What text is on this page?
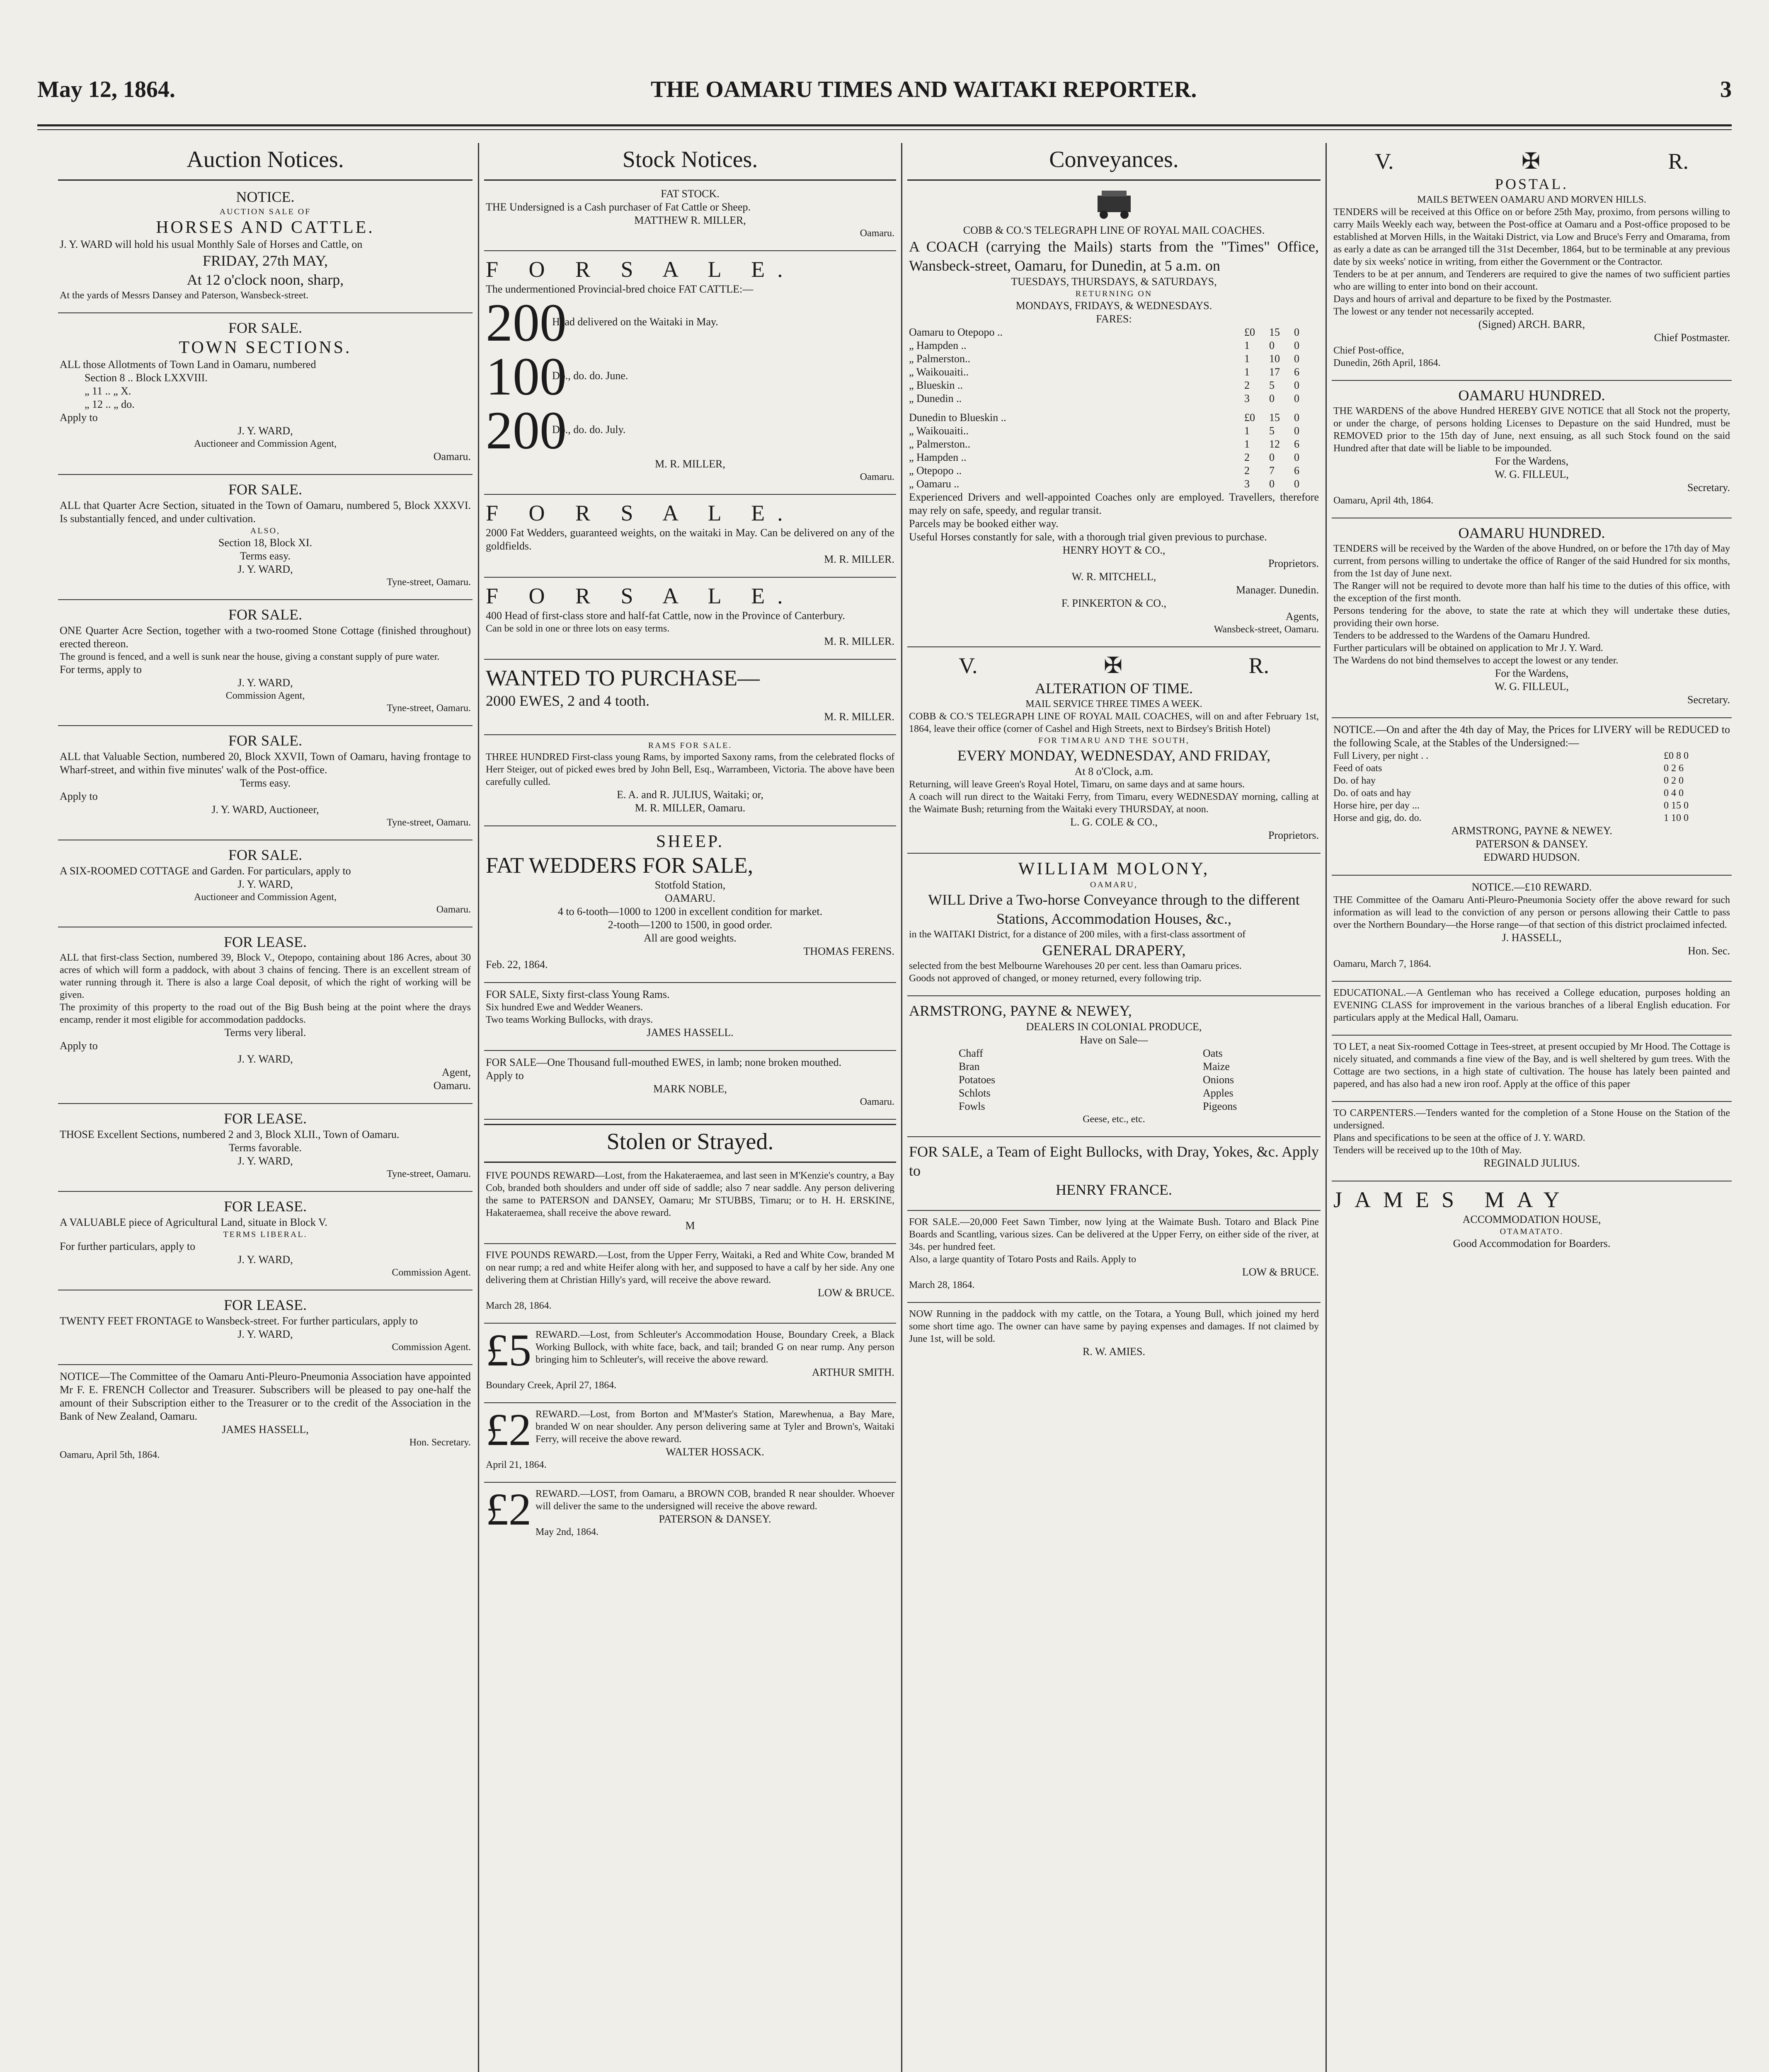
May 12, 1864.	THE OAMARU TIMES AND WAITAKI REPORTER.	3
Auction Notices.
NOTICE.
AUCTION SALE OF
HORSES AND CATTLE.
J. Y. WARD will hold his usual Monthly Sale of Horses and Cattle, on
FRIDAY, 27th MAY,
At 12 o'clock noon, sharp,
At the yards of Messrs Dansey and Paterson, Wansbeck-street.
FOR SALE.
TOWN SECTIONS.
ALL those Allotments of Town Land in Oamaru, numbered
Section 8 .. Block LXXVIII.
„ 11 .. „ X.
„ 12 .. „ do.
Apply to
J. Y. WARD,
Auctioneer and Commission Agent,
Oamaru.
FOR SALE.
ALL that Quarter Acre Section, situated in the Town of Oamaru, numbered 5, Block XXXVI. Is substantially fenced, and under cultivation.
ALSO,
Section 18, Block XI.
Terms easy.
J. Y. WARD,
Tyne-street, Oamaru.
FOR SALE.
ONE Quarter Acre Section, together with a two-roomed Stone Cottage (finished throughout) erected thereon.
The ground is fenced, and a well is sunk near the house, giving a constant supply of pure water.
For terms, apply to
J. Y. WARD,
Commission Agent,
Tyne-street, Oamaru.
FOR SALE.
ALL that Valuable Section, numbered 20, Block XXVII, Town of Oamaru, having frontage to Wharf-street, and within five minutes' walk of the Post-office.
Terms easy.
Apply to
J. Y. WARD, Auctioneer,
Tyne-street, Oamaru.
FOR SALE.
A SIX-ROOMED COTTAGE and Garden. For particulars, apply to
J. Y. WARD,
Auctioneer and Commission Agent,
Oamaru.
FOR LEASE.
ALL that first-class Section, numbered 39, Block V., Otepopo, containing about 186 Acres, about 30 acres of which will form a paddock, with about 3 chains of fencing. There is an excellent stream of water running through it. There is also a large Coal deposit, of which the right of working will be given.
The proximity of this property to the road out of the Big Bush being at the point where the drays encamp, render it most eligible for accommodation paddocks.
Terms very liberal.
Apply to
J. Y. WARD,
Agent,
Oamaru.
FOR LEASE.
THOSE Excellent Sections, numbered 2 and 3, Block XLII., Town of Oamaru.
Terms favorable.
J. Y. WARD,
Tyne-street, Oamaru.
FOR LEASE.
A VALUABLE piece of Agricultural Land, situate in Block V.
TERMS LIBERAL.
For further particulars, apply to
J. Y. WARD,
Commission Agent.
FOR LEASE.
TWENTY FEET FRONTAGE to Wansbeck-street. For further particulars, apply to
J. Y. WARD,
Commission Agent.
NOTICE—The Committee of the Oamaru Anti-Pleuro-Pneumonia Association have appointed Mr F. E. FRENCH Collector and Treasurer. Subscribers will be pleased to pay one-half the amount of their Subscription either to the Treasurer or to the credit of the Association in the Bank of New Zealand, Oamaru.
JAMES HASSELL,
Hon. Secretary.
Oamaru, April 5th, 1864.
Stock Notices.
FAT STOCK.
THE Undersigned is a Cash purchaser of Fat Cattle or Sheep.
MATTHEW R. MILLER,
Oamaru.
F O R S A L E.
The undermentioned Provincial-bred choice FAT CATTLE:—
200Head delivered on the Waitaki in May.
100Do., do. do. June.
200Do., do. do. July.
M. R. MILLER,
Oamaru.
F O R S A L E.
2000 Fat Wedders, guaranteed weights, on the waitaki in May. Can be delivered on any of the goldfields.
M. R. MILLER.
F O R S A L E.
400 Head of first-class store and half-fat Cattle, now in the Province of Canterbury.
Can be sold in one or three lots on easy terms.
M. R. MILLER.
WANTED TO PURCHASE—
2000 EWES, 2 and 4 tooth.
M. R. MILLER.
RAMS FOR SALE.
THREE HUNDRED First-class young Rams, by imported Saxony rams, from the celebrated flocks of Herr Steiger, out of picked ewes bred by John Bell, Esq., Warrambeen, Victoria. The above have been carefully culled.
E. A. and R. JULIUS, Waitaki; or,
M. R. MILLER, Oamaru.
SHEEP.
FAT WEDDERS FOR SALE,
Stotfold Station,
OAMARU.
4 to 6-tooth—1000 to 1200 in excellent condition for market.
2-tooth—1200 to 1500, in good order.
All are good weights.
THOMAS FERENS.
Feb. 22, 1864.
FOR SALE, Sixty first-class Young Rams.
Six hundred Ewe and Wedder Weaners.
Two teams Working Bullocks, with drays.
JAMES HASSELL.
FOR SALE—One Thousand full-mouthed EWES, in lamb; none broken mouthed.
Apply to
MARK NOBLE,
Oamaru.
Stolen or Strayed.
FIVE POUNDS REWARD—Lost, from the Hakateraemea, and last seen in M'Kenzie's country, a Bay Cob, branded both shoulders and under off side of saddle; also 7 near saddle. Any person delivering the same to PATERSON and DANSEY, Oamaru; Mr STUBBS, Timaru; or to H. H. ERSKINE, Hakateraemea, shall receive the above reward.
M
FIVE POUNDS REWARD.—Lost, from the Upper Ferry, Waitaki, a Red and White Cow, branded M on near rump; a red and white Heifer along with her, and supposed to have a calf by her side. Any one delivering them at Christian Hilly's yard, will receive the above reward.
LOW & BRUCE.
March 28, 1864.
£5 REWARD.—Lost, from Schleuter's Accommodation House, Boundary Creek, a Black Working Bullock, with white face, back, and tail; branded G on near rump. Any person bringing him to Schleuter's, will receive the above reward.
ARTHUR SMITH.
Boundary Creek, April 27, 1864.
£2 REWARD.—Lost, from Borton and M'Master's Station, Marewhenua, a Bay Mare, branded W on near shoulder. Any person delivering same at Tyler and Brown's, Waitaki Ferry, will receive the above reward.
WALTER HOSSACK.
April 21, 1864.
£2 REWARD.—LOST, from Oamaru, a BROWN COB, branded R near shoulder. Whoever will deliver the same to the undersigned will receive the above reward.
PATERSON & DANSEY.
May 2nd, 1864.
Conveyances.
COBB & CO.'S TELEGRAPH LINE OF ROYAL MAIL COACHES.
A COACH (carrying the Mails) starts from the "Times" Office, Wansbeck-street, Oamaru, for Dunedin, at 5 a.m. on
TUESDAYS, THURSDAYS, & SATURDAYS,
RETURNING ON
MONDAYS, FRIDAYS, & WEDNESDAYS.
FARES:
Oamaru to Otepopo ..	£0	15	0
„ Hampden ..	1	0	0
„ Palmerston..	1	10	0
„ Waikouaiti..	1	17	6
„ Blueskin ..	2	5	0
„ Dunedin ..	3	0	0
Dunedin to Blueskin ..	£0	15	0
„ Waikouaiti..	1	5	0
„ Palmerston..	1	12	6
„ Hampden ..	2	0	0
„ Otepopo ..	2	7	6
„ Oamaru ..	3	0	0
Experienced Drivers and well-appointed Coaches only are employed. Travellers, therefore may rely on safe, speedy, and regular transit.
Parcels may be booked either way.
Useful Horses constantly for sale, with a thorough trial given previous to purchase.
HENRY HOYT & CO.,
Proprietors.
W. R. MITCHELL,
Manager. Dunedin.
F. PINKERTON & CO.,
Agents,
Wansbeck-street, Oamaru.
V.	✠	R.
ALTERATION OF TIME.
MAIL SERVICE THREE TIMES A WEEK.
COBB & CO.'S TELEGRAPH LINE OF ROYAL MAIL COACHES, will on and after February 1st, 1864, leave their office (corner of Cashel and High Streets, next to Birdsey's British Hotel)
FOR TIMARU AND THE SOUTH,
EVERY MONDAY, WEDNESDAY, AND FRIDAY,
At 8 o'Clock, a.m.
Returning, will leave Green's Royal Hotel, Timaru, on same days and at same hours.
A coach will run direct to the Waitaki Ferry, from Timaru, every WEDNESDAY morning, calling at the Waimate Bush; returning from the Waitaki every THURSDAY, at noon.
L. G. COLE & CO.,
Proprietors.
WILLIAM MOLONY,
OAMARU,
WILL Drive a Two-horse Conveyance through to the different Stations, Accommodation Houses, &c.,
in the WAITAKI District, for a distance of 200 miles, with a first-class assortment of
GENERAL DRAPERY,
selected from the best Melbourne Warehouses 20 per cent. less than Oamaru prices.
Goods not approved of changed, or money returned, every following trip.
ARMSTRONG, PAYNE & NEWEY,
DEALERS IN COLONIAL PRODUCE,
Have on Sale—
Chaff	Oats
Bran	Maize
Potatoes	Onions
Schlots	Apples
Fowls	Pigeons
Geese, etc., etc.
FOR SALE, a Team of Eight Bullocks, with Dray, Yokes, &c. Apply to
HENRY FRANCE.
FOR SALE.—20,000 Feet Sawn Timber, now lying at the Waimate Bush. Totaro and Black Pine Boards and Scantling, various sizes. Can be delivered at the Upper Ferry, on either side of the river, at 34s. per hundred feet.
Also, a large quantity of Totaro Posts and Rails. Apply to
LOW & BRUCE.
March 28, 1864.
NOW Running in the paddock with my cattle, on the Totara, a Young Bull, which joined my herd some short time ago. The owner can have same by paying expenses and damages. If not claimed by June 1st, will be sold.
R. W. AMIES.
V.	✠	R.
POSTAL.
MAILS BETWEEN OAMARU AND MORVEN HILLS.
TENDERS will be received at this Office on or before 25th May, proximo, from persons willing to carry Mails Weekly each way, between the Post-office at Oamaru and a Post-office proposed to be established at Morven Hills, in the Waitaki District, via Low and Bruce's Ferry and Omarama, from as early a date as can be arranged till the 31st December, 1864, but to be terminable at any previous date by six weeks' notice in writing, from either the Government or the Contractor.
Tenders to be at per annum, and Tenderers are required to give the names of two sufficient parties who are willing to enter into bond on their account.
Days and hours of arrival and departure to be fixed by the Postmaster.
The lowest or any tender not necessarily accepted.
(Signed) ARCH. BARR,
Chief Postmaster.
Chief Post-office,
Dunedin, 26th April, 1864.
OAMARU HUNDRED.
THE WARDENS of the above Hundred HEREBY GIVE NOTICE that all Stock not the property, or under the charge, of persons holding Licenses to Depasture on the said Hundred, must be REMOVED prior to the 15th day of June, next ensuing, as all such Stock found on the said Hundred after that date will be liable to be impounded.
For the Wardens,
W. G. FILLEUL,
Secretary.
Oamaru, April 4th, 1864.
OAMARU HUNDRED.
TENDERS will be received by the Warden of the above Hundred, on or before the 17th day of May current, from persons willing to undertake the office of Ranger of the said Hundred for six months, from the 1st day of June next.
The Ranger will not be required to devote more than half his time to the duties of this office, with the exception of the first month.
Persons tendering for the above, to state the rate at which they will undertake these duties, providing their own horse.
Tenders to be addressed to the Wardens of the Oamaru Hundred.
Further particulars will be obtained on application to Mr J. Y. Ward.
The Wardens do not bind themselves to accept the lowest or any tender.
For the Wardens,
W. G. FILLEUL,
Secretary.
NOTICE.—On and after the 4th day of May, the Prices for LIVERY will be REDUCED to the following Scale, at the Stables of the Undersigned:—
Full Livery, per night . .	£0 8 0
Feed of oats	0 2 6
Do. of hay	0 2 0
Do. of oats and hay	0 4 0
Horse hire, per day ...	0 15 0
Horse and gig, do. do.	1 10 0
ARMSTRONG, PAYNE & NEWEY.
PATERSON & DANSEY.
EDWARD HUDSON.
NOTICE.—£10 REWARD.
THE Committee of the Oamaru Anti-Pleuro-Pneumonia Society offer the above reward for such information as will lead to the conviction of any person or persons allowing their Cattle to pass over the Northern Boundary—the Horse range—of that section of this district proclaimed infected.
J. HASSELL,
Hon. Sec.
Oamaru, March 7, 1864.
EDUCATIONAL.—A Gentleman who has received a College education, purposes holding an EVENING CLASS for improvement in the various branches of a liberal English education. For particulars apply at the Medical Hall, Oamaru.
TO LET, a neat Six-roomed Cottage in Tees-street, at present occupied by Mr Hood. The Cottage is nicely situated, and commands a fine view of the Bay, and is well sheltered by gum trees. With the Cottage are two sections, in a high state of cultivation. The house has lately been painted and papered, and has also had a new iron roof. Apply at the office of this paper
TO CARPENTERS.—Tenders wanted for the completion of a Stone House on the Station of the undersigned.
Plans and specifications to be seen at the office of J. Y. WARD.
Tenders will be received up to the 10th of May.
REGINALD JULIUS.
JAMES MAY
ACCOMMODATION HOUSE,
OTAMATATO.
Good Accommodation for Boarders.
